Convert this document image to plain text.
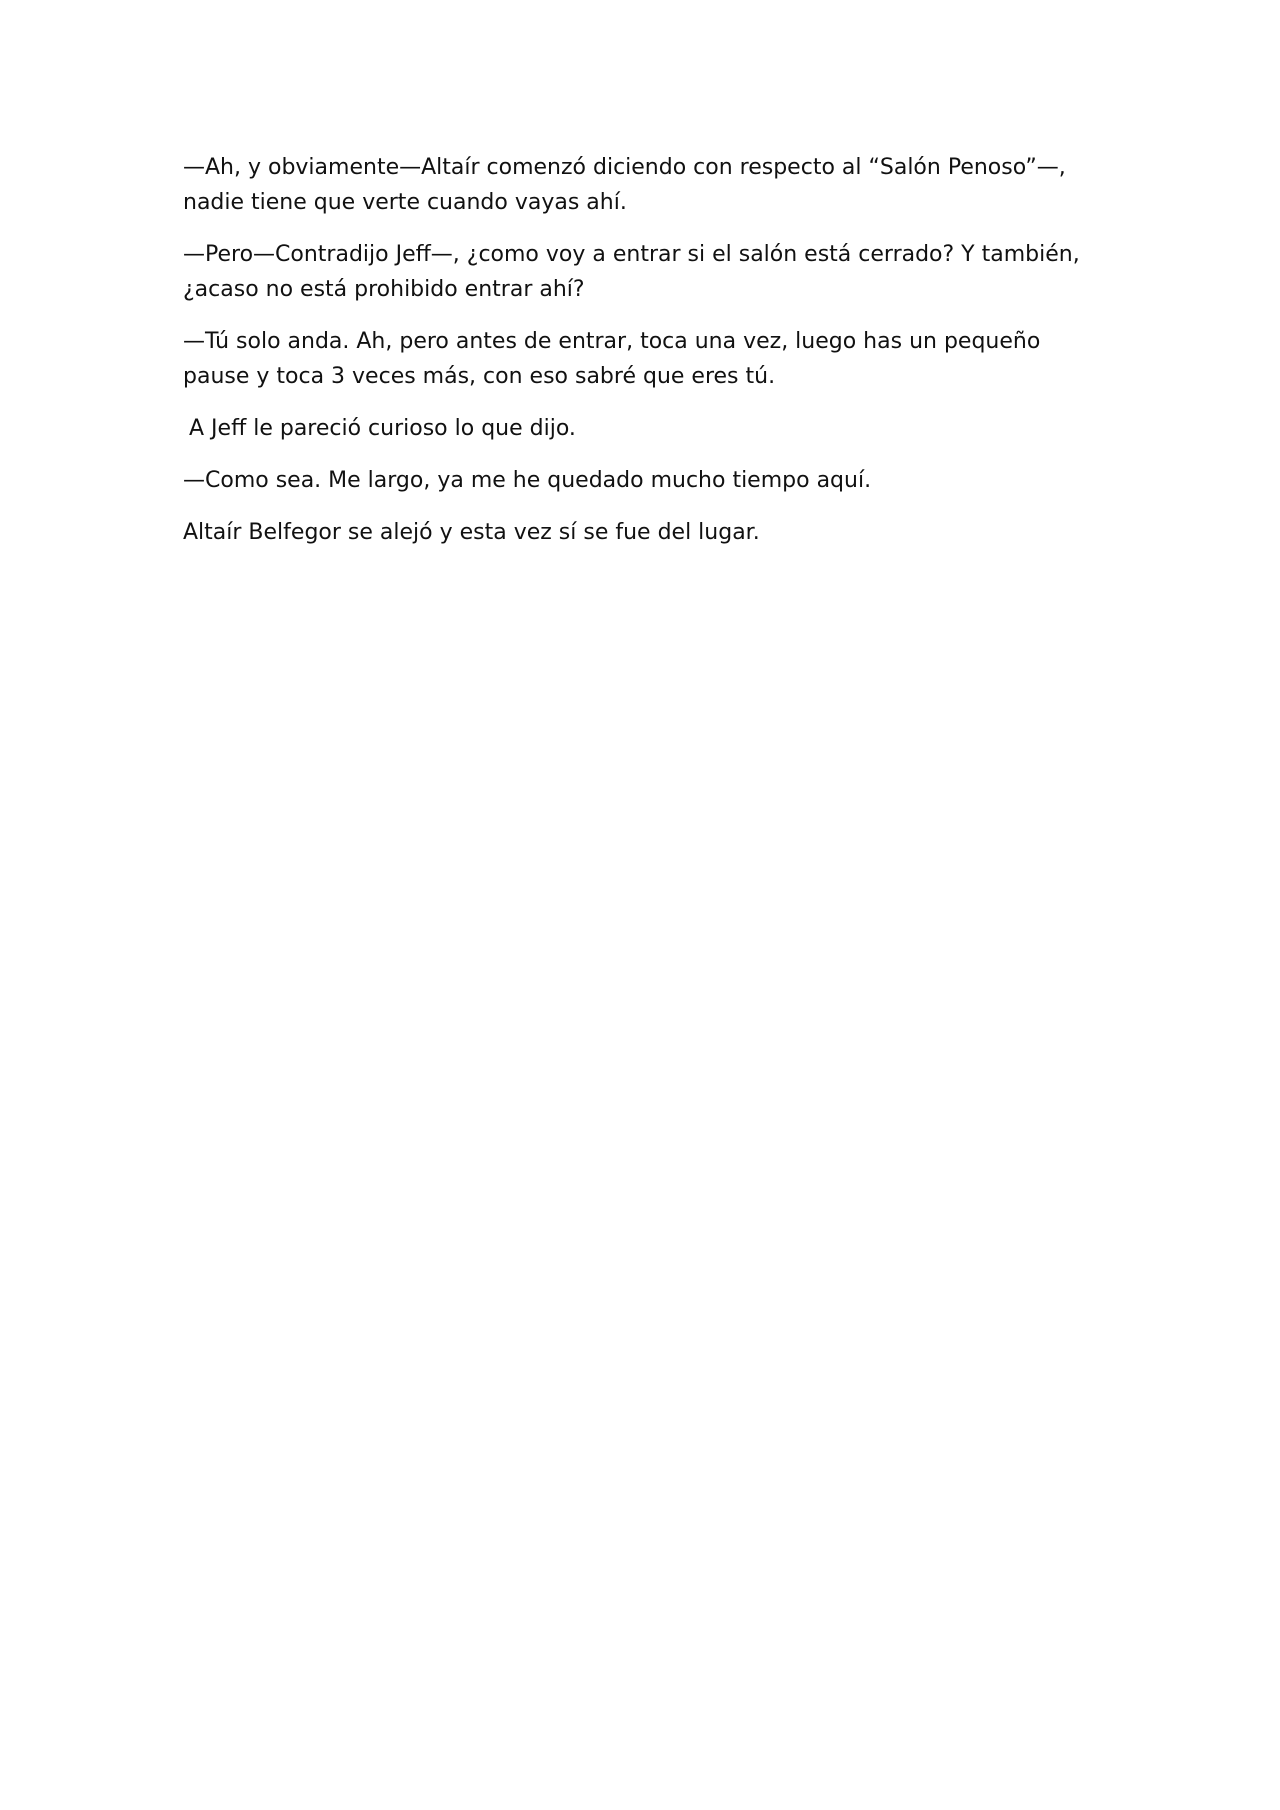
—Ah, y obviamente—Altaír comenzó diciendo con respecto al “Salón Penoso”—, nadie tiene que verte cuando vayas ahí.

—Pero—Contradijo Jeff—, ¿como voy a entrar si el salón está cerrado? Y también, ¿acaso no está prohibido entrar ahí?

—Tú solo anda. Ah, pero antes de entrar, toca una vez, luego has un pequeño pause y toca 3 veces más, con eso sabré que eres tú.

A Jeff le pareció curioso lo que dijo.

—Como sea. Me largo, ya me he quedado mucho tiempo aquí.

Altaír Belfegor se alejó y esta vez sí se fue del lugar.
